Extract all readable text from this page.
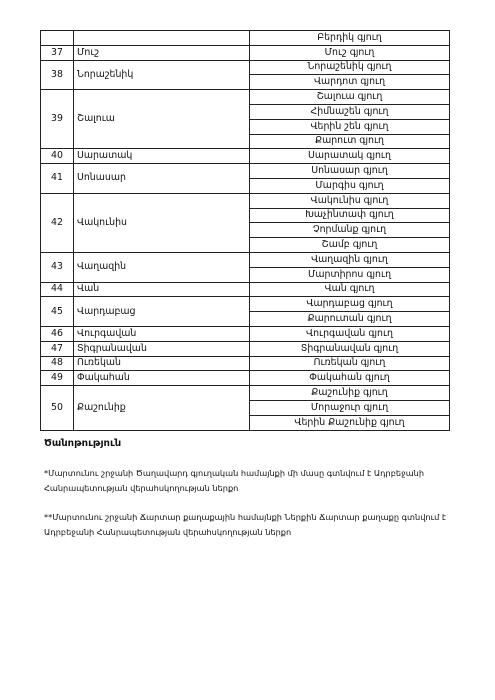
		Բերդիկ գյուղ
37	Մուշ	Մուշ գյուղ
38	Նորաշենիկ	Նորաշենիկ գյուղ
		Վարդոտ գյուղ
39	Շալուա	Շալուա գյուղ
		Հիմնաշեն գյուղ
		Վերին շեն գյուղ
		Քարուտ գյուղ
40	Սարատակ	Սարատակ գյուղ
41	Սոնասար	Սոնասար գյուղ
		Մարգիս գյուղ
42	Վակունիս	Վակունիս գյուղ
		Խաչինտափ գյուղ
		Չորմանք գյուղ
		Շամբ գյուղ
43	Վաղազին	Վաղազին գյուղ
		Մարտիրոս գյուղ
44	Վան	Վան գյուղ
45	Վարդաբաց	Վարդաբաց գյուղ
		Քարուտան գյուղ
46	Վուրգավան	Վուրգավան գյուղ
47	Տիգրանավան	Տիգրանավան գյուղ
48	Ուռեկան	Ուռեկան գյուղ
49	Փակահան	Փակահան գյուղ
50	Քաշունիք	Քաշունիք գյուղ
		Մորաջուր գյուղ
		Վերին Քաշունիք գյուղ
Ծանոթություն
*Մարտունու շրջանի Ծաղավարդ գյուղական համայնքի մի մասը գտնվում է Ադրբեջանի Հանրապետության վերահսկողության ներքո
**Մարտունու շրջանի Ճարտար քաղաքային համայնքի Ներքին Ճարտար քաղաքը գտնվում է Ադրբեջանի Հանրապետության վերահսկողության ներքո
